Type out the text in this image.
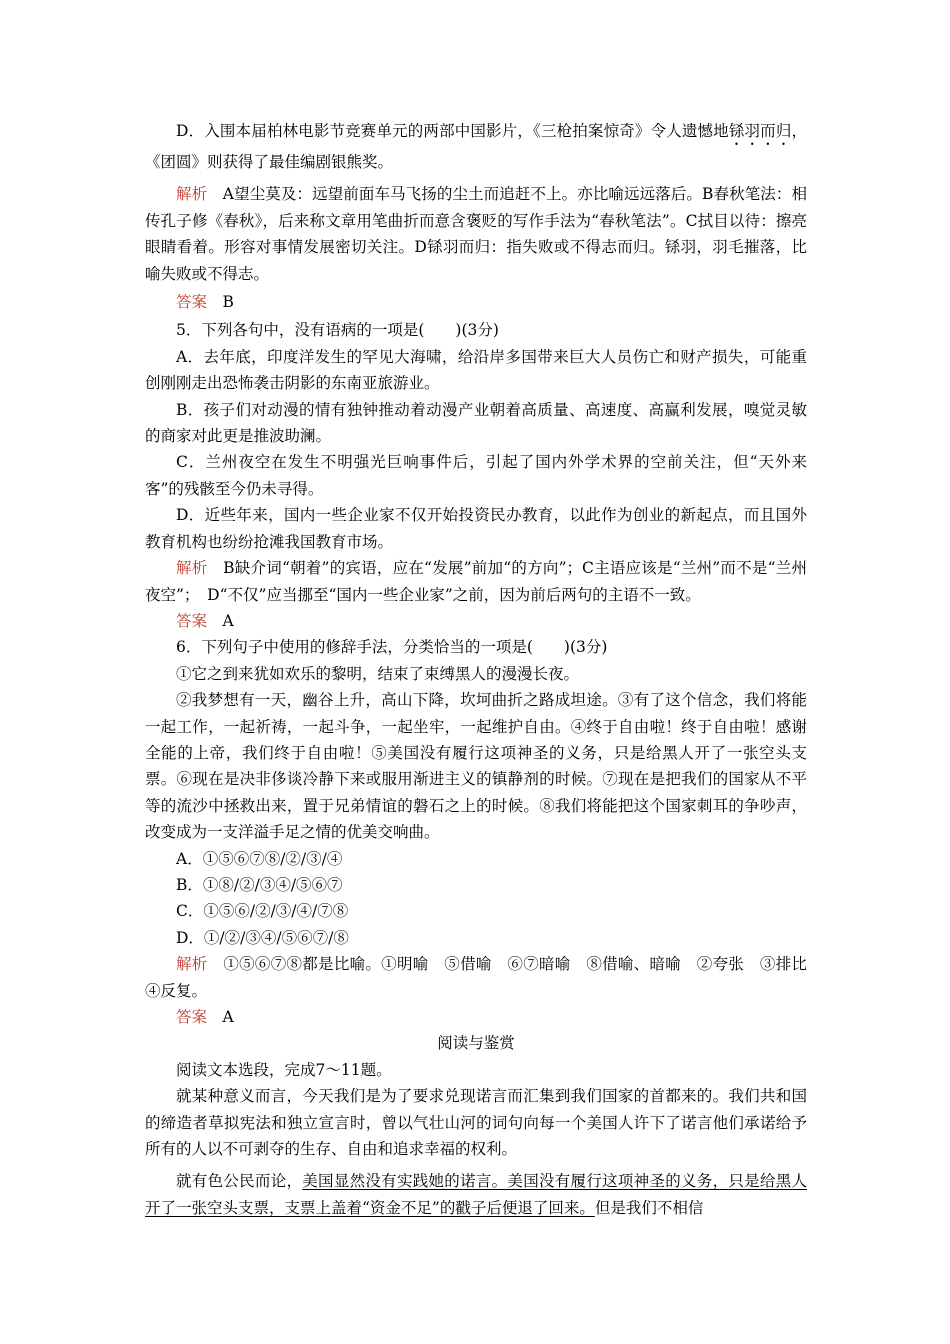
D．入围本届柏林电影节竞赛单元的两部中国影片，《三枪拍案惊奇》令人遗憾地铩羽而归，《团圆》则获得了最佳编剧银熊奖。

解析　A望尘莫及：远望前面车马飞扬的尘土而追赶不上。亦比喻远远落后。B春秋笔法：相传孔子修《春秋》，后来称文章用笔曲折而意含褒贬的写作手法为“春秋笔法”。C拭目以待：擦亮眼睛看着。形容对事情发展密切关注。D铩羽而归：指失败或不得志而归。铩羽，羽毛摧落，比喻失败或不得志。

答案　B

5．下列各句中，没有语病的一项是(　　)(3分)

A．去年底，印度洋发生的罕见大海啸，给沿岸多国带来巨大人员伤亡和财产损失，可能重创刚刚走出恐怖袭击阴影的东南亚旅游业。

B．孩子们对动漫的情有独钟推动着动漫产业朝着高质量、高速度、高赢利发展，嗅觉灵敏的商家对此更是推波助澜。

C．兰州夜空在发生不明强光巨响事件后，引起了国内外学术界的空前关注，但“天外来客”的残骸至今仍未寻得。

D．近些年来，国内一些企业家不仅开始投资民办教育，以此作为创业的新起点，而且国外教育机构也纷纷抢滩我国教育市场。

解析　B缺介词“朝着”的宾语，应在“发展”前加“的方向”；C主语应该是“兰州”而不是“兰州夜空”；　D“不仅”应当挪至“国内一些企业家”之前，因为前后两句的主语不一致。

答案　A

6．下列句子中使用的修辞手法，分类恰当的一项是(　　)(3分)

①它之到来犹如欢乐的黎明，结束了束缚黑人的漫漫长夜。

②我梦想有一天，幽谷上升，高山下降，坎坷曲折之路成坦途。③有了这个信念，我们将能一起工作，一起祈祷，一起斗争，一起坐牢，一起维护自由。④终于自由啦！终于自由啦！感谢全能的上帝，我们终于自由啦！⑤美国没有履行这项神圣的义务，只是给黑人开了一张空头支票。⑥现在是决非侈谈冷静下来或服用渐进主义的镇静剂的时候。⑦现在是把我们的国家从不平等的流沙中拯救出来，置于兄弟情谊的磐石之上的时候。⑧我们将能把这个国家刺耳的争吵声，改变成为一支洋溢手足之情的优美交响曲。

A．①⑤⑥⑦⑧/②/③/④

B．①⑧/②/③④/⑤⑥⑦

C．①⑤⑥/②/③/④/⑦⑧

D．①/②/③④/⑤⑥⑦/⑧

解析　①⑤⑥⑦⑧都是比喻。①明喻　⑤借喻　⑥⑦暗喻　⑧借喻、暗喻　②夸张　③排比　④反复。

答案　A

阅读与鉴赏

阅读文本选段，完成7～11题。

就某种意义而言，今天我们是为了要求兑现诺言而汇集到我们国家的首都来的。我们共和国的缔造者草拟宪法和独立宣言时，曾以气壮山河的词句向每一个美国人许下了诺言他们承诺给予所有的人以不可剥夺的生存、自由和追求幸福的权利。

就有色公民而论，美国显然没有实践她的诺言。美国没有履行这项神圣的义务，只是给黑人开了一张空头支票，支票上盖着“资金不足”的戳子后便退了回来。但是我们不相信
